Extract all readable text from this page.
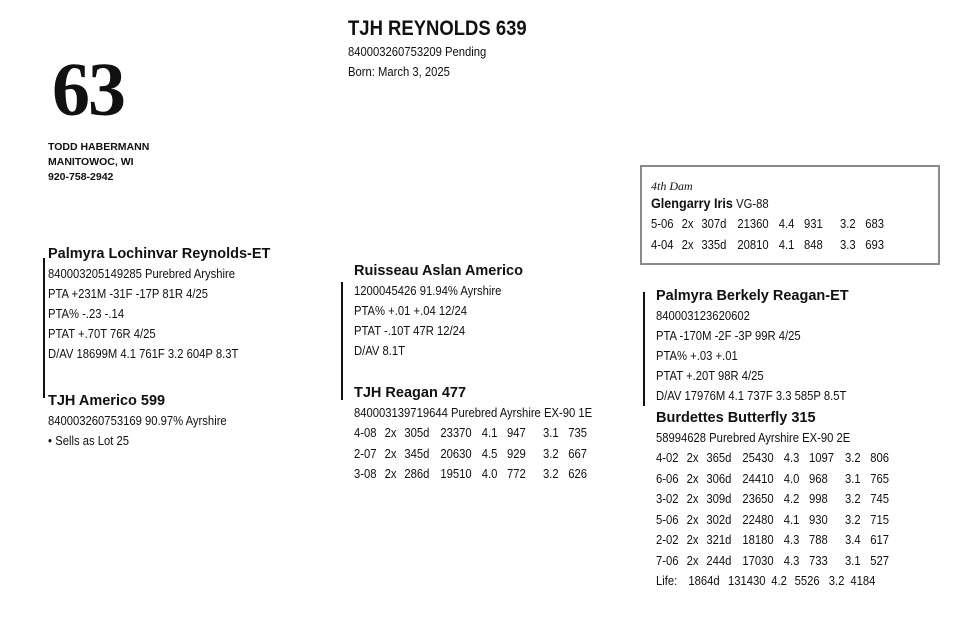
63
TJH REYNOLDS 639
840003260753209 Pending
Born: March 3, 2025
TODD HABERMANN
MANITOWOC, WI
920-758-2942
Palmyra Lochinvar Reynolds-ET
840003205149285 Purebred Aryshire
PTA +231M -31F -17P 81R 4/25
PTA% -.23 -.14
PTAT +.70T 76R 4/25
D/AV 18699M 4.1 761F 3.2 604P 8.3T
TJH Americo 599
840003260753169 90.97% Ayrshire
• Sells as Lot 25
Ruisseau Aslan Americo
1200045426 91.94% Ayrshire
PTA% +.01 +.04 12/24
PTAT -.10T 47R 12/24
D/AV 8.1T
TJH Reagan 477
840003139719644 Purebred Ayrshire EX-90 1E
4-08 2x 305d 23370 4.1 947	3.1 735
2-07 2x 345d 20630 4.5 929	3.2 667
3-08 2x 286d 19510 4.0 772	3.2 626
4th Dam
Glengarry Iris VG-88
5-06 2x 307d 21360 4.4 931	3.2 683
4-04 2x 335d 20810 4.1 848	3.3 693
Palmyra Berkely Reagan-ET
840003123620602
PTA -170M -2F -3P 99R 4/25
PTA% +.03 +.01
PTAT +.20T 98R 4/25
D/AV 17976M 4.1 737F 3.3 585P 8.5T
Burdettes Butterfly 315
58994628 Purebred Ayrshire EX-90 2E
4-02 2x 365d 25430 4.3 1097 3.2 806
6-06 2x 306d 24410 4.0 968	3.1 765
3-02 2x 309d 23650 4.2 998	3.2 745
5-06 2x 302d 22480 4.1 930	3.2 715
2-02 2x 321d 18180 4.3 788	3.4 617
7-06 2x 244d 17030 4.3 733	3.1 527
Life: 1864d 131430 4.2 5526 3.2 4184
